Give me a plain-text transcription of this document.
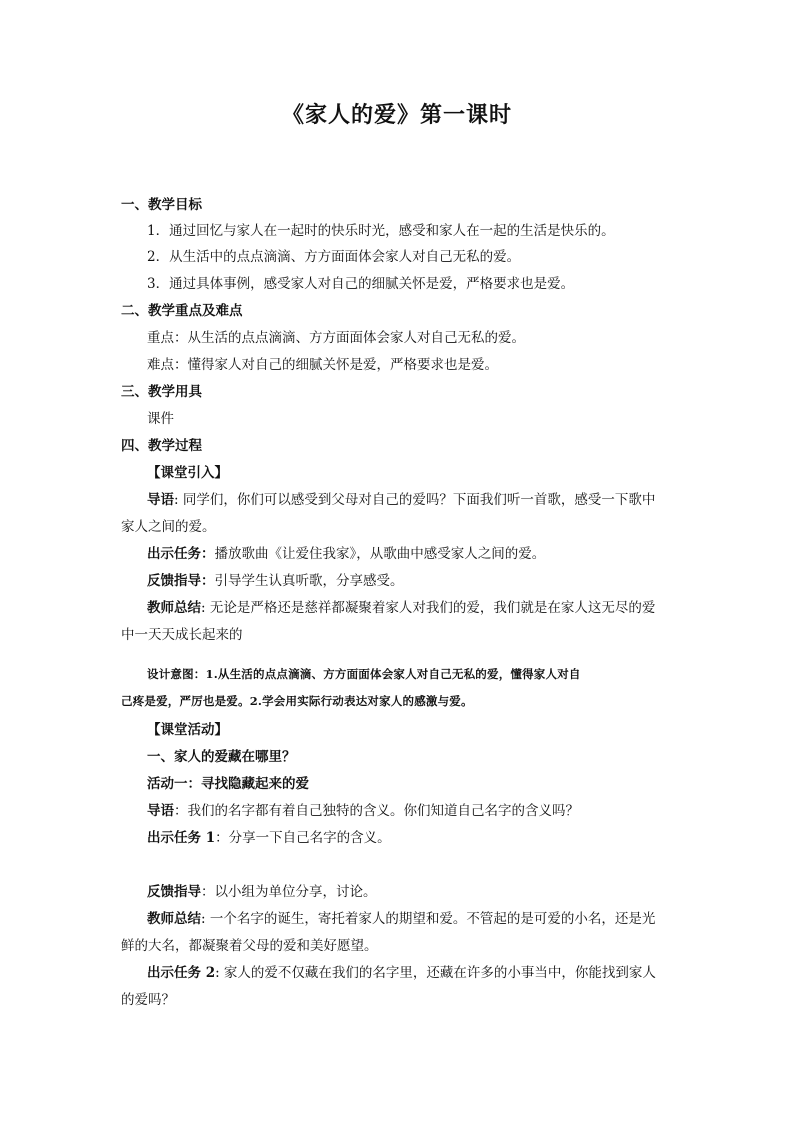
《家人的爱》第一课时
一、教学目标
1．通过回忆与家人在一起时的快乐时光，感受和家人在一起的生活是快乐的。
2．从生活中的点点滴滴、方方面面体会家人对自己无私的爱。
3．通过具体事例，感受家人对自己的细腻关怀是爱，严格要求也是爱。
二、教学重点及难点
重点：从生活的点点滴滴、方方面面体会家人对自己无私的爱。
难点：懂得家人对自己的细腻关怀是爱，严格要求也是爱。
三、教学用具
课件
四、教学过程
【课堂引入】
导语: 同学们，你们可以感受到父母对自己的爱吗？下面我们听一首歌，感受一下歌中
家人之间的爱。
出示任务：播放歌曲《让爱住我家》，从歌曲中感受家人之间的爱。
反馈指导：引导学生认真听歌，分享感受。
教师总结: 无论是严格还是慈祥都凝聚着家人对我们的爱，我们就是在家人这无尽的爱
中一天天成长起来的
设计意图：1.从生活的点点滴滴、方方面面体会家人对自己无私的爱，懂得家人对自
己疼是爱，严厉也是爱。2.学会用实际行动表达对家人的感激与爱。
【课堂活动】
一、家人的爱藏在哪里？
活动一：寻找隐藏起来的爱
导语：我们的名字都有着自己独特的含义。你们知道自己名字的含义吗？
出示任务 1：分享一下自己名字的含义。
反馈指导：以小组为单位分享，讨论。
教师总结: 一个名字的诞生，寄托着家人的期望和爱。不管起的是可爱的小名，还是光
鲜的大名，都凝聚着父母的爱和美好愿望。
出示任务 2: 家人的爱不仅藏在我们的名字里，还藏在许多的小事当中，你能找到家人
的爱吗？
